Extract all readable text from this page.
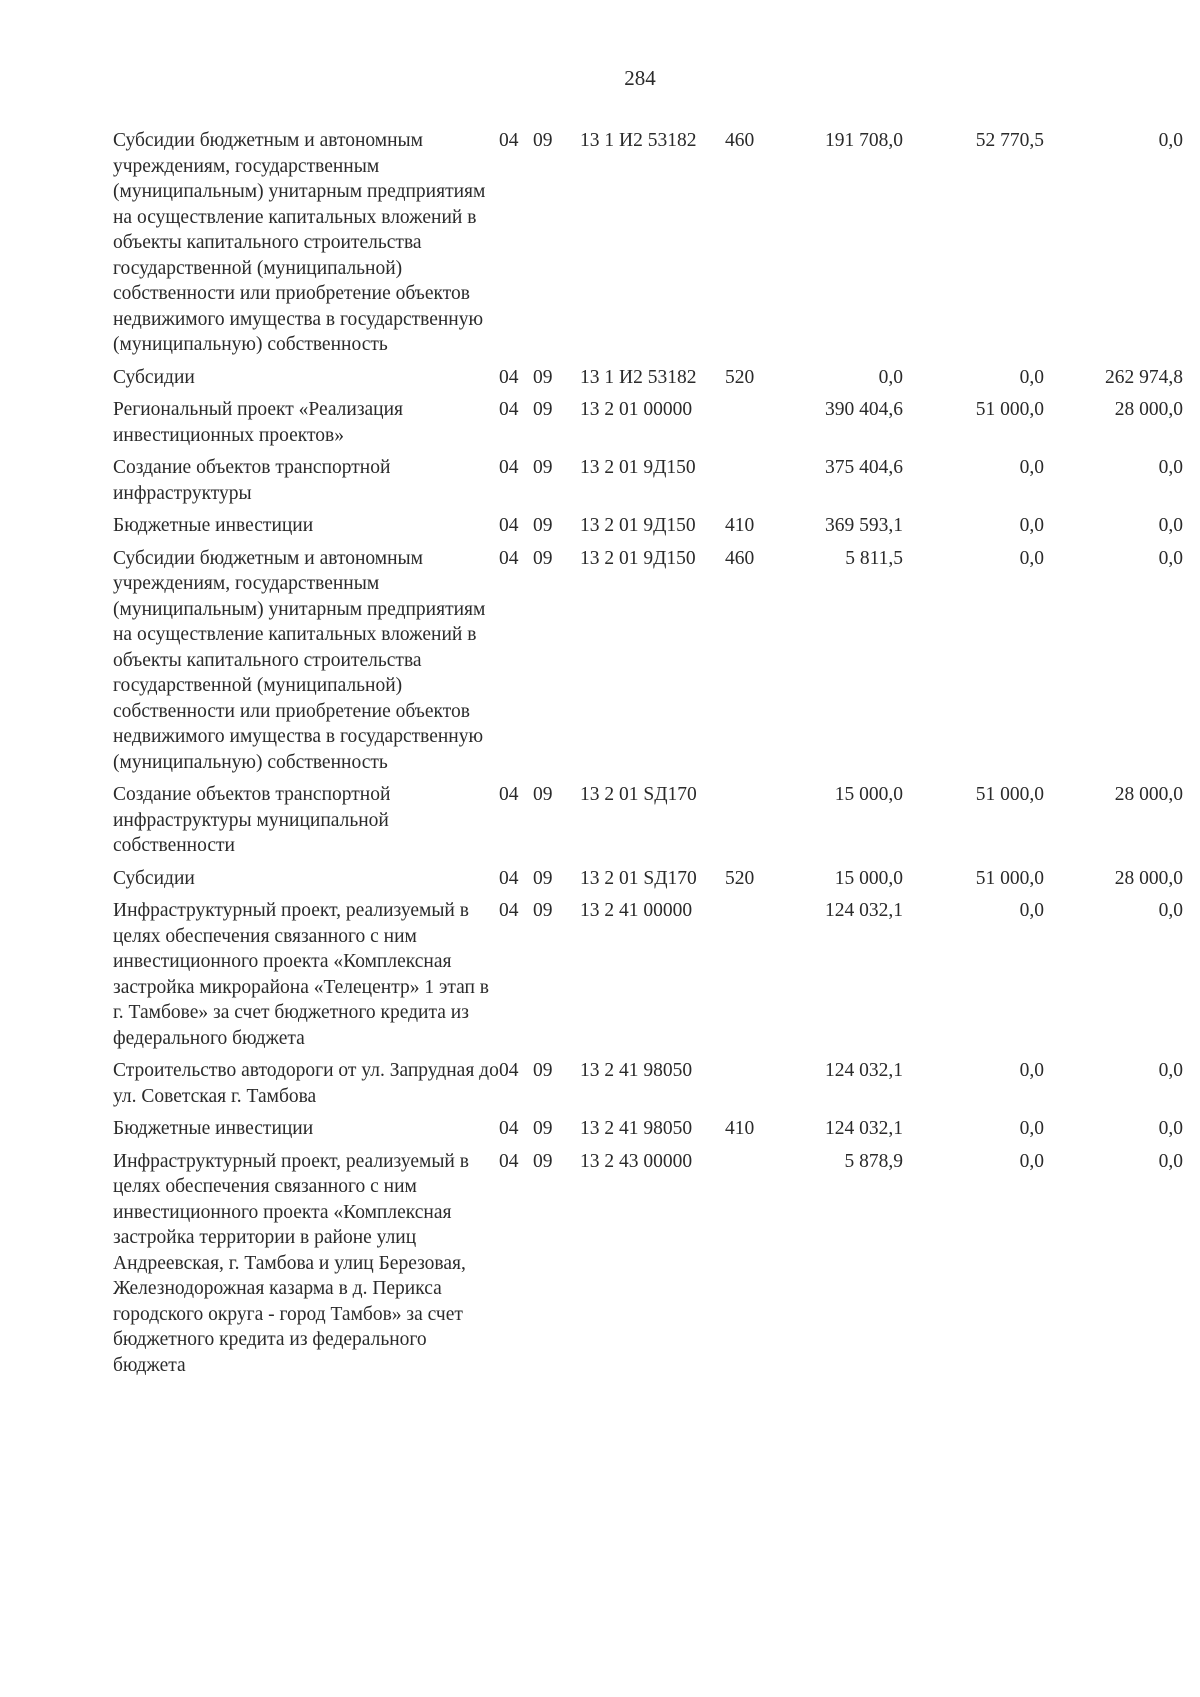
284
Субсидии бюджетным и автономным учреждениям, государственным (муниципальным) унитарным предприятиям на осуществление капитальных вложений в объекты капитального строительства государственной (муниципальной) собственности или приобретение объектов недвижимого имущества в государственную (муниципальную) собственность	04	09	13 1 И2 53182	460	191 708,0	52 770,5	0,0
Субсидии	04	09	13 1 И2 53182	520	0,0	0,0	262 974,8
Региональный проект «Реализация инвестиционных проектов»	04	09	13 2 01 00000		390 404,6	51 000,0	28 000,0
Создание объектов транспортной инфраструктуры	04	09	13 2 01 9Д150		375 404,6	0,0	0,0
Бюджетные инвестиции	04	09	13 2 01 9Д150	410	369 593,1	0,0	0,0
Субсидии бюджетным и автономным учреждениям, государственным (муниципальным) унитарным предприятиям на осуществление капитальных вложений в объекты капитального строительства государственной (муниципальной) собственности или приобретение объектов недвижимого имущества в государственную (муниципальную) собственность	04	09	13 2 01 9Д150	460	5 811,5	0,0	0,0
Создание объектов транспортной инфраструктуры муниципальной собственности	04	09	13 2 01 SД170		15 000,0	51 000,0	28 000,0
Субсидии	04	09	13 2 01 SД170	520	15 000,0	51 000,0	28 000,0
Инфраструктурный проект, реализуемый в целях обеспечения связанного с ним инвестиционного проекта «Комплексная застройка микрорайона «Телецентр» 1 этап в г. Тамбове» за счет бюджетного кредита из федерального бюджета	04	09	13 2 41 00000		124 032,1	0,0	0,0
Строительство автодороги от ул. Запрудная до ул. Советская г. Тамбова	04	09	13 2 41 98050		124 032,1	0,0	0,0
Бюджетные инвестиции	04	09	13 2 41 98050	410	124 032,1	0,0	0,0
Инфраструктурный проект, реализуемый в целях обеспечения связанного с ним инвестиционного проекта «Комплексная застройка территории в районе улиц Андреевская, г. Тамбова и улиц Березовая, Железнодорожная казарма в д. Перикса городского округа - город Тамбов» за счет бюджетного кредита из федерального бюджета	04	09	13 2 43 00000		5 878,9	0,0	0,0
